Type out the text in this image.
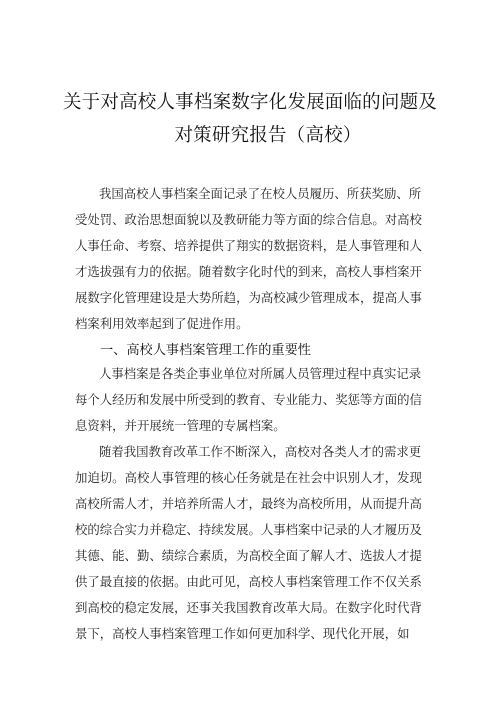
关于对高校人事档案数字化发展面临的问题及
对策研究报告（高校）
我国高校人事档案全面记录了在校人员履历、所获奖励、所
受处罚、政治思想面貌以及教研能力等方面的综合信息。对高校
人事任命、考察、培养提供了翔实的数据资料，是人事管理和人
才选拔强有力的依据。随着数字化时代的到来，高校人事档案开
展数字化管理建设是大势所趋，为高校减少管理成本，提高人事
档案利用效率起到了促进作用。
一、高校人事档案管理工作的重要性
人事档案是各类企事业单位对所属人员管理过程中真实记录
每个人经历和发展中所受到的教育、专业能力、奖惩等方面的信
息资料，并开展统一管理的专属档案。
随着我国教育改革工作不断深入，高校对各类人才的需求更
加迫切。高校人事管理的核心任务就是在社会中识别人才，发现
高校所需人才，并培养所需人才，最终为高校所用，从而提升高
校的综合实力并稳定、持续发展。人事档案中记录的人才履历及
其德、能、勤、绩综合素质，为高校全面了解人才、选拔人才提
供了最直接的依据。由此可见，高校人事档案管理工作不仅关系
到高校的稳定发展，还事关我国教育改革大局。在数字化时代背
景下，高校人事档案管理工作如何更加科学、现代化开展，如
